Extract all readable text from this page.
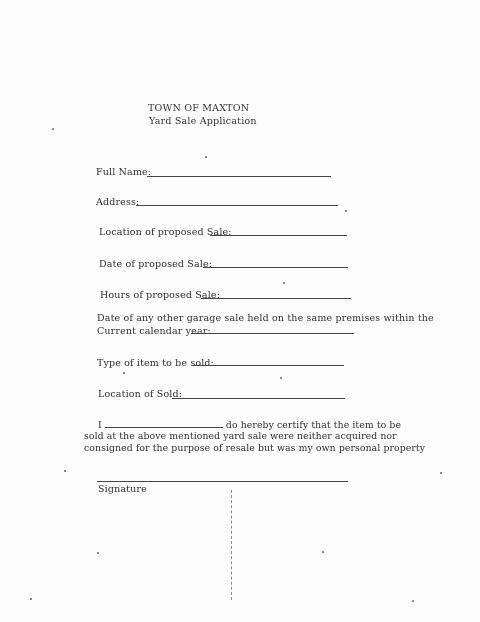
TOWN OF MAXTON
Yard Sale Application
Full Name:
Address:
Location of proposed Sale:
Date of proposed Sale:
Hours of proposed Sale:
Date of any other garage sale held on the same premises within the
Current calendar year:
Type of item to be sold:
Location of Sold:
I	do hereby certify that the item to be
sold at the above mentioned yard sale were neither acquired nor
consigned for the purpose of resale but was my own personal property
Signature
